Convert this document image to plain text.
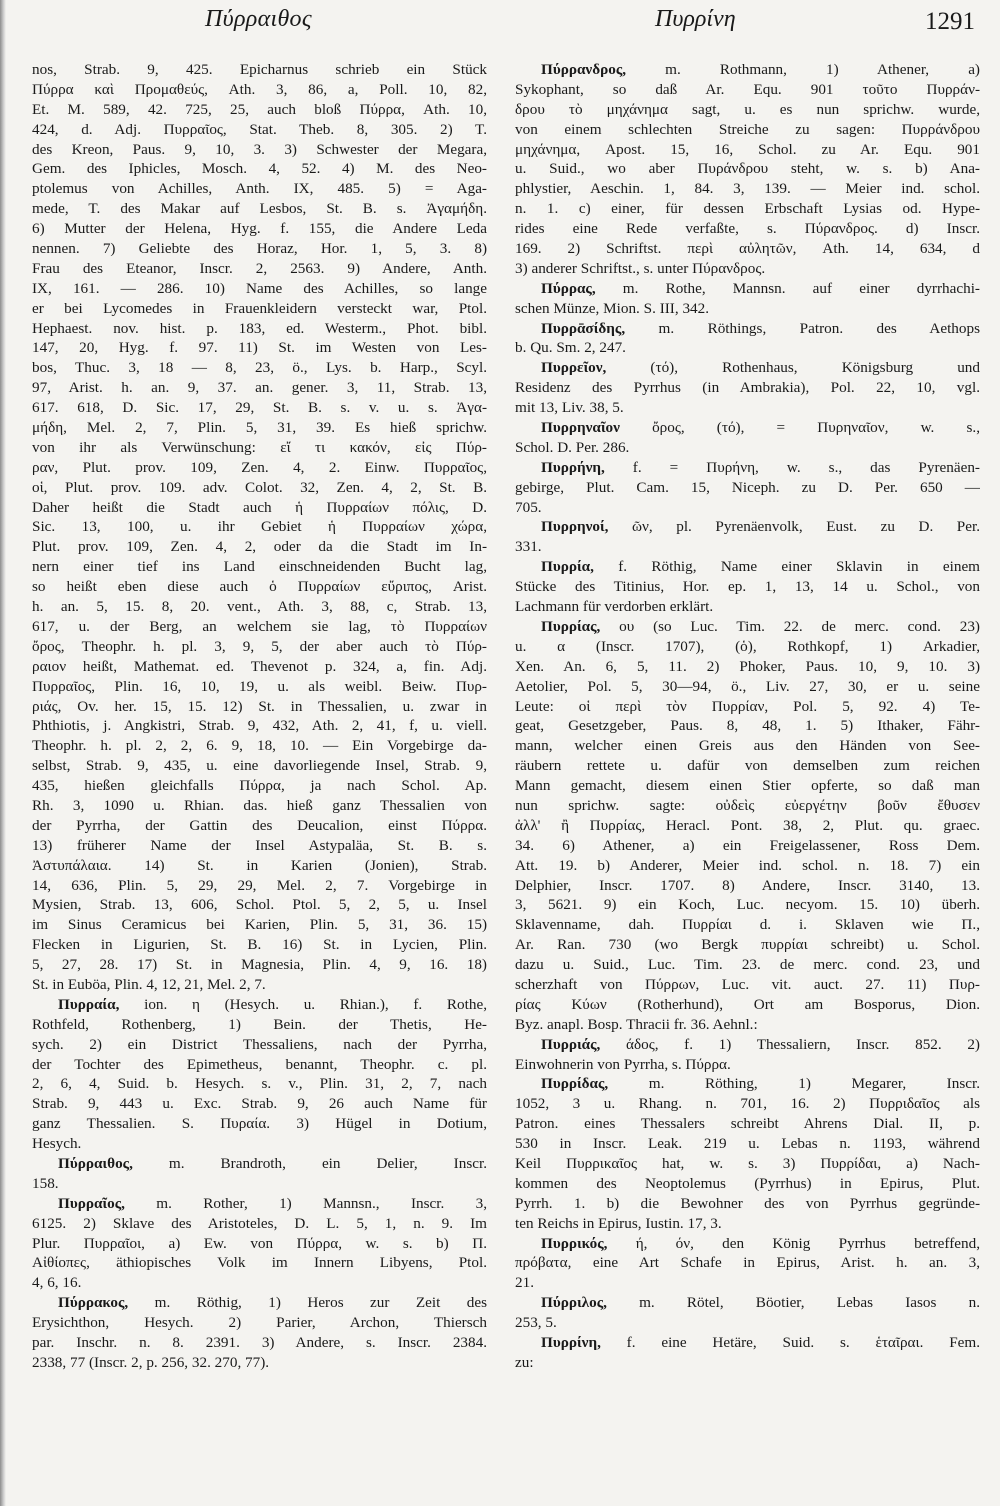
Πύρραιθος	Πυρρίνη	1291
nos, Strab. 9, 425. Epicharnus schrieb ein Stück
Πύρρα καὶ Προμαθεύς, Ath. 3, 86, a, Poll. 10, 82,
Et. M. 589, 42. 725, 25, auch bloß Πύρρα, Ath. 10,
424, d. Adj. Πυρραῖος, Stat. Theb. 8, 305. 2) T.
des Kreon, Paus. 9, 10, 3. 3) Schwester der Megara,
Gem. des Iphicles, Mosch. 4, 52. 4) M. des Neo-
ptolemus von Achilles, Anth. IX, 485. 5) = Aga-
mede, T. des Makar auf Lesbos, St. B. s. Ἀγαμήδη.
6) Mutter der Helena, Hyg. f. 155, die Andere Leda
nennen. 7) Geliebte des Horaz, Hor. 1, 5, 3. 8)
Frau des Eteanor, Inscr. 2, 2563. 9) Andere, Anth.
IX, 161. — 286. 10) Name des Achilles, so lange
er bei Lycomedes in Frauenkleidern versteckt war, Ptol.
Hephaest. nov. hist. p. 183, ed. Westerm., Phot. bibl.
147, 20, Hyg. f. 97. 11) St. im Westen von Les-
bos, Thuc. 3, 18 — 8, 23, ö., Lys. b. Harp., Scyl.
97, Arist. h. an. 9, 37. an. gener. 3, 11, Strab. 13,
617. 618, D. Sic. 17, 29, St. B. s. v. u. s. Ἀγα-
μήδη, Mel. 2, 7, Plin. 5, 31, 39. Es hieß sprichw.
von ihr als Verwünschung: εἴ τι κακόν, εἰς Πύρ-
ραν, Plut. prov. 109, Zen. 4, 2. Einw. Πυρραῖος,
οἱ, Plut. prov. 109. adv. Colot. 32, Zen. 4, 2, St. B.
Daher heißt die Stadt auch ἡ Πυρραίων πόλις, D.
Sic. 13, 100, u. ihr Gebiet ἡ Πυρραίων χώρα,
Plut. prov. 109, Zen. 4, 2, oder da die Stadt im In-
nern einer tief ins Land einschneidenden Bucht lag,
so heißt eben diese auch ὁ Πυρραίων εὔριπος, Arist.
h. an. 5, 15. 8, 20. vent., Ath. 3, 88, c, Strab. 13,
617, u. der Berg, an welchem sie lag, τὸ Πυρραίων
ὄρος, Theophr. h. pl. 3, 9, 5, der aber auch τὸ Πύρ-
ραιον heißt, Mathemat. ed. Thevenot p. 324, a, fin. Adj.
Πυρραῖος, Plin. 16, 10, 19, u. als weibl. Beiw. Πυρ-
ριάς, Ov. her. 15, 15. 12) St. in Thessalien, u. zwar in
Phthiotis, j. Angkistri, Strab. 9, 432, Ath. 2, 41, f, u. viell.
Theophr. h. pl. 2, 2, 6. 9, 18, 10. — Ein Vorgebirge da-
selbst, Strab. 9, 435, u. eine davorliegende Insel, Strab. 9,
435, hießen gleichfalls Πύρρα, ja nach Schol. Ap.
Rh. 3, 1090 u. Rhian. das. hieß ganz Thessalien von
der Pyrrha, der Gattin des Deucalion, einst Πύρρα.
13) früherer Name der Insel Astypaläa, St. B. s.
Ἀστυπάλαια. 14) St. in Karien (Jonien), Strab.
14, 636, Plin. 5, 29, 29, Mel. 2, 7. Vorgebirge in
Mysien, Strab. 13, 606, Schol. Ptol. 5, 2, 5, u. Insel
im Sinus Ceramicus bei Karien, Plin. 5, 31, 36. 15)
Flecken in Ligurien, St. B. 16) St. in Lycien, Plin.
5, 27, 28. 17) St. in Magnesia, Plin. 4, 9, 16. 18)
St. in Euböa, Plin. 4, 12, 21, Mel. 2, 7.
Πυρραία, ion. η (Hesych. u. Rhian.), f. Rothe,
Rothfeld, Rothenberg, 1) Bein. der Thetis, He-
sych. 2) ein District Thessaliens, nach der Pyrrha,
der Tochter des Epimetheus, benannt, Theophr. c. pl.
2, 6, 4, Suid. b. Hesych. s. v., Plin. 31, 2, 7, nach
Strab. 9, 443 u. Exc. Strab. 9, 26 auch Name für
ganz Thessalien. S. Πυραία. 3) Hügel in Dotium,
Hesych.
Πύρραιθος, m. Brandroth, ein Delier, Inscr.
158.
Πυρραῖος, m. Rother, 1) Mannsn., Inscr. 3,
6125. 2) Sklave des Aristoteles, D. L. 5, 1, n. 9. Im
Plur. Πυρραῖοι, a) Ew. von Πύρρα, w. s. b) Π.
Αἰθίοπες, äthiopisches Volk im Innern Libyens, Ptol.
4, 6, 16.
Πύρρακος, m. Röthig, 1) Heros zur Zeit des
Erysichthon, Hesych. 2) Parier, Archon, Thiersch
par. Inschr. n. 8. 2391. 3) Andere, s. Inscr. 2384.
2338, 77 (Inscr. 2, p. 256, 32. 270, 77).
Πύρρανδρος, m. Rothmann, 1) Athener, a)
Sykophant, so daß Ar. Equ. 901 τοῦτο Πυρράν-
δρου τὸ μηχάνημα sagt, u. es nun sprichw. wurde,
von einem schlechten Streiche zu sagen: Πυρράνδρου
μηχάνημα, Apost. 15, 16, Schol. zu Ar. Equ. 901
u. Suid., wo aber Πυράνδρου steht, w. s. b) Ana-
phlystier, Aeschin. 1, 84. 3, 139. — Meier ind. schol.
n. 1. c) einer, für dessen Erbschaft Lysias od. Hype-
rides eine Rede verfaßte, s. Πύρανδρος. d) Inscr.
169. 2) Schriftst. περὶ αὐλητῶν, Ath. 14, 634, d
3) anderer Schriftst., s. unter Πύρανδρος.
Πύρρας, m. Rothe, Mannsn. auf einer dyrrhachi-
schen Münze, Mion. S. III, 342.
Πυρρᾱσίδης, m. Röthings, Patron. des Aethops
b. Qu. Sm. 2, 247.
Πυρρεῖον, (τό), Rothenhaus, Königsburg und
Residenz des Pyrrhus (in Ambrakia), Pol. 22, 10, vgl.
mit 13, Liv. 38, 5.
Πυρρηναῖον ὄρος, (τό), = Πυρηναῖον, w. s.,
Schol. D. Per. 286.
Πυρρήνη, f. = Πυρήνη, w. s., das Pyrenäen-
gebirge, Plut. Cam. 15, Niceph. zu D. Per. 650 —
705.
Πυρρηνοί, ῶν, pl. Pyrenäenvolk, Eust. zu D. Per.
331.
Πυρρία, f. Röthig, Name einer Sklavin in einem
Stücke des Titinius, Hor. ep. 1, 13, 14 u. Schol., von
Lachmann für verdorben erklärt.
Πυρρίας, ου (so Luc. Tim. 22. de merc. cond. 23)
u. α (Inscr. 1707), (ὁ), Rothkopf, 1) Arkadier,
Xen. An. 6, 5, 11. 2) Phoker, Paus. 10, 9, 10. 3)
Aetolier, Pol. 5, 30—94, ö., Liv. 27, 30, er u. seine
Leute: οἱ περὶ τὸν Πυρρίαν, Pol. 5, 92. 4) Te-
geat, Gesetzgeber, Paus. 8, 48, 1. 5) Ithaker, Fähr-
mann, welcher einen Greis aus den Händen von See-
räubern rettete u. dafür von demselben zum reichen
Mann gemacht, diesem einen Stier opferte, so daß man
nun sprichw. sagte: οὐδεὶς εὐεργέτην βοῦν ἔθυσεν
ἀλλ' ἢ Πυρρίας, Heracl. Pont. 38, 2, Plut. qu. graec.
34. 6) Athener, a) ein Freigelassener, Ross Dem.
Att. 19. b) Anderer, Meier ind. schol. n. 18. 7) ein
Delphier, Inscr. 1707. 8) Andere, Inscr. 3140, 13.
3, 5621. 9) ein Koch, Luc. necyom. 15. 10) überh.
Sklavenname, dah. Πυρρίαι d. i. Sklaven wie Π.,
Ar. Ran. 730 (wo Bergk πυρρίαι schreibt) u. Schol.
dazu u. Suid., Luc. Tim. 23. de merc. cond. 23, und
scherzhaft von Πύρρων, Luc. vit. auct. 27. 11) Πυρ-
ρίας Κύων (Rotherhund), Ort am Bosporus, Dion.
Byz. anapl. Bosp. Thracii fr. 36. Aehnl.:
Πυρριάς, άδος, f. 1) Thessaliern, Inscr. 852. 2)
Einwohnerin von Pyrrha, s. Πύρρα.
Πυρρίδας, m. Röthing, 1) Megarer, Inscr.
1052, 3 u. Rhang. n. 701, 16. 2) Πυρριδαῖος als
Patron. eines Thessalers schreibt Ahrens Dial. II, p.
530 in Inscr. Leak. 219 u. Lebas n. 1193, während
Keil Πυρρικαῖος hat, w. s. 3) Πυρρίδαι, a) Nach-
kommen des Neoptolemus (Pyrrhus) in Epirus, Plut.
Pyrrh. 1. b) die Bewohner des von Pyrrhus gegründe-
ten Reichs in Epirus, Iustin. 17, 3.
Πυρρικός, ή, όν, den König Pyrrhus betreffend,
πρόβατα, eine Art Schafe in Epirus, Arist. h. an. 3,
21.
Πύρριλος, m. Rötel, Böotier, Lebas Iasos n.
253, 5.
Πυρρίνη, f. eine Hetäre, Suid. s. ἑταῖραι. Fem.
zu:
